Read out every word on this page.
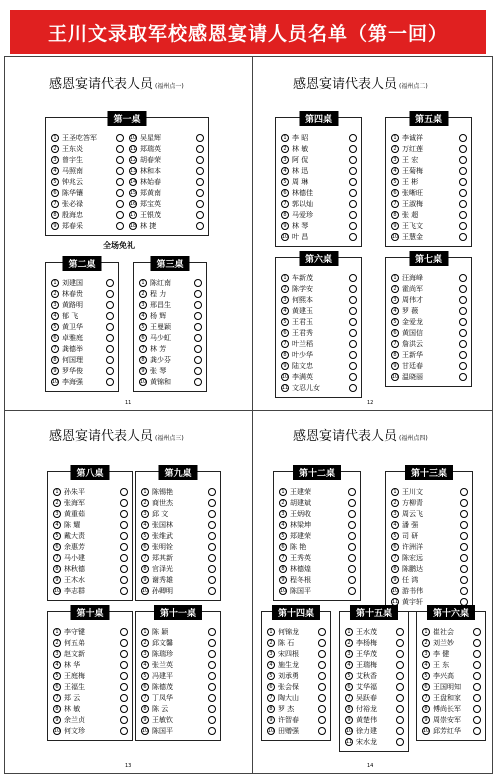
王川文录取军校感恩宴请人员名单（第一回）
感恩宴请代表人员 (福州点一)
第一桌
1 王圣吃答军
2 王东炎
3 曾宇生
4 马照南
5 钟兆云
6 陈华镶
7 张必禄
8 殷海忠
9 郑春采
10 吴星辉
11 郑瑞英
12 胡春荣
13 林和本
14 林始春
15 郑黄南
16 郑宝英
17 王银茂
18 林 捷
第二桌
1 刘建国
2 林春贵
3 黄路明
4 郁 飞
5 黄卫华
6 卓雅庭
7 龚德举
8 何国理
9 罗华俊
10 李海强
第三桌
1 陈红南
2 程 力
3 邢昌生
4 杨 辉
5 王曼颖
6 马少虹
7 林 芳
8 龚少芬
9 张 琴
10 黄锦和
全场免礼
11
感恩宴请代表人员 (福州点二)
第四桌
1 李 昭
2 林 敏
3 阿 侃
4 林 迅
5 周 琳
6 林德佳
7 郭以灿
8 马爱珍
9 林 琴
10 叶 昌
第五桌
1 李诚祥
2 万红莲
3 王 宏
4 王菊梅
5 王 彬
6 张晰旺
7 王淑梅
8 张 超
9 王飞文
10 王慧金
第六桌
1 车新茂
2 陈学安
3 何熙本
4 黄建玉
5 王君玉
6 王君秀
7 叶兰稻
8 叶少华
9 陆文忠
10 李满英
11 文忍儿女
第七桌
1 汪海峰
2 霍尚军
3 周伟才
4 罗 薇
5 金爱龙
6 黄国信
7 詹洪云
8 王新华
9 甘廷春
10 温晓丽
12
感恩宴请代表人员 (福州点三)
第八桌
1 孙朱平
2 张海军
3 黄重茹
4 陈 耀
5 戴大责
6 余惠芳
7 马小建
8 林秋德
9 王木水
10 李志群
第九桌
1 陈锡艳
2 商世杰
3 邱 文
4 张国林
5 张维武
6 张明铨
7 郑其新
8 官泽光
9 谢秀雄
10 孙卿明
第十桌
1 李守键
2 何五弟
3 赵文新
4 林 华
5 王庭梅
6 王福生
7 郑 云
8 林 敏
9 余兰贞
10 何文珍
第十一桌
1 陈 颖
2 邱文馨
3 陈瑞珍
4 张兰英
5 冯建平
6 陈德茂
7 丁凤华
8 陈 云
9 王敏钦
10 陈国平
13
感恩宴请代表人员 (福州点四)
第十二桌
1 王建荣
2 胡建斌
3 王炳收
4 林梁坤
5 郑建荣
6 陈 艳
7 王秀英
8 林德煌
9 程冬根
10 陈国平
第十三桌
1 王川文
2 方柳青
3 周云飞
4 潘 强
5 司 研
6 许洲洋
7 陈宏远
8 陈鹏达
9 任 鸿
10 游书伟
11 黄宇轩
第十四桌
1 何锦龙
2 陈 石
3 宋四根
4 施生龙
5 刘承勇
6 张会保
7 陶大山
8 罗 杰
9 许智春
10 田赠强
第十五桌
1 王水茂
2 李杨梅
3 王华茂
4 王瑞梅
5 艾秋香
6 艾华福
7 吴跃春
8 付裕龙
9 黄楚伟
10 徐力建
11 宋水龙
第十六桌
1 崔社会
2 刘兰妙
3 李 健
4 王 东
5 李兴高
6 王国明知
7 王盘和家
8 傅尚长军
9 周崇安军
10 邱芳红华
14
